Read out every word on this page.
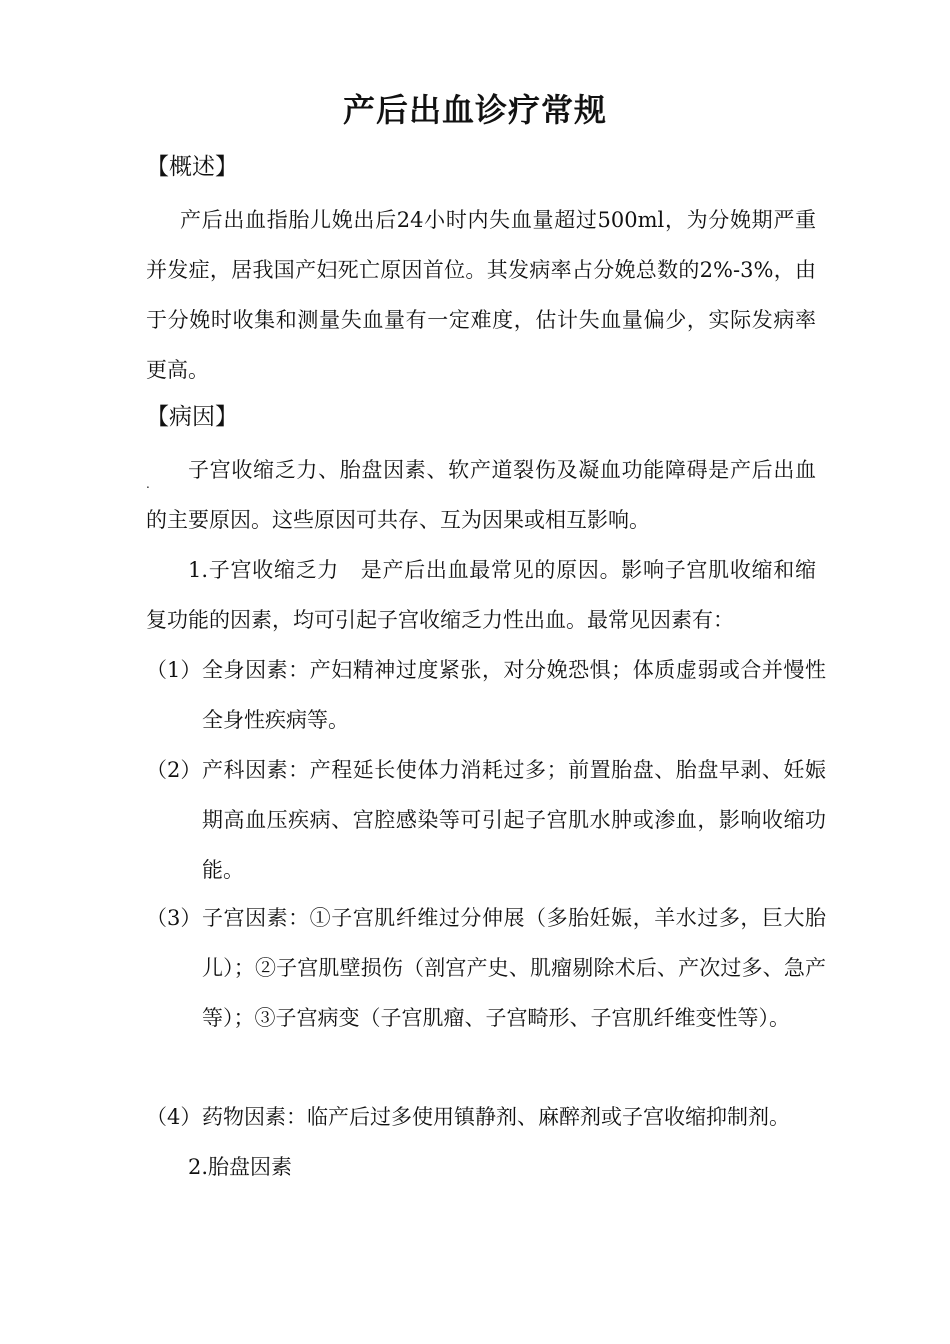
产后出血诊疗常规
【概述】
产后出血指胎儿娩出后24小时内失血量超过500ml，为分娩期严重并发症，居我国产妇死亡原因首位。其发病率占分娩总数的2%-3%，由于分娩时收集和测量失血量有一定难度，估计失血量偏少，实际发病率更高。
【病因】
.
子宫收缩乏力、胎盘因素、软产道裂伤及凝血功能障碍是产后出血的主要原因。这些原因可共存、互为因果或相互影响。
1.子宫收缩乏力　是产后出血最常见的原因。影响子宫肌收缩和缩复功能的因素，均可引起子宫收缩乏力性出血。最常见因素有：
（1） 全身因素：产妇精神过度紧张，对分娩恐惧；体质虚弱或合并慢性全身性疾病等。
（2） 产科因素：产程延长使体力消耗过多；前置胎盘、胎盘早剥、妊娠期高血压疾病、宫腔感染等可引起子宫肌水肿或渗血，影响收缩功能。
（3） 子宫因素：①子宫肌纤维过分伸展（多胎妊娠，羊水过多，巨大胎儿）；②子宫肌壁损伤（剖宫产史、肌瘤剔除术后、产次过多、急产等）；③子宫病变（子宫肌瘤、子宫畸形、子宫肌纤维变性等）。
（4） 药物因素：临产后过多使用镇静剂、麻醉剂或子宫收缩抑制剂。
2.胎盘因素
